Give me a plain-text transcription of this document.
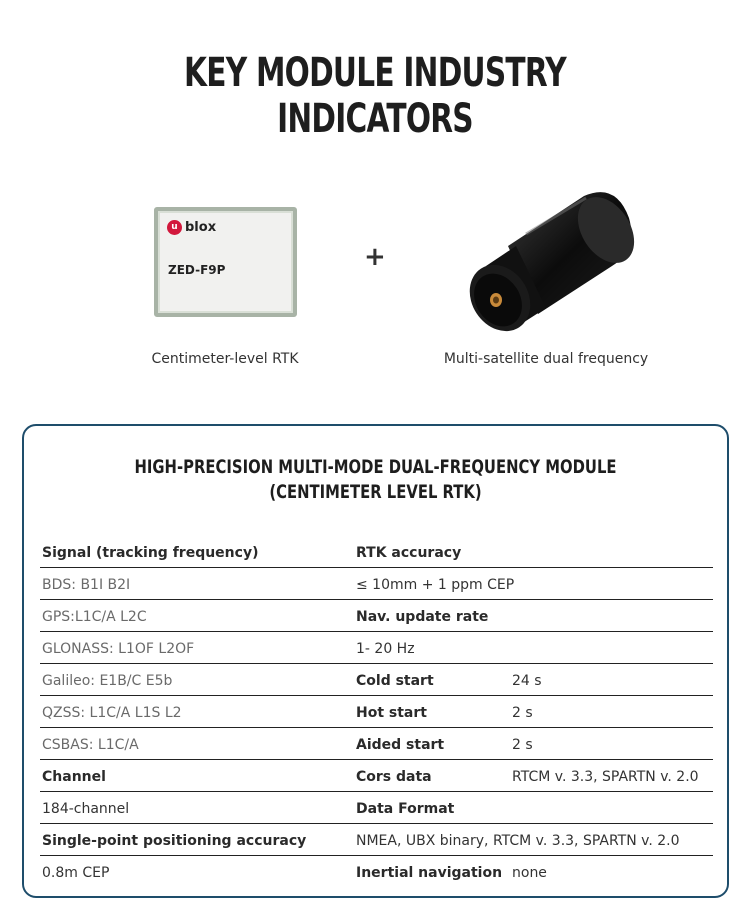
KEY MODULE INDUSTRY INDICATORS
u blox
ZED-F9P	+
Centimeter-level RTK	Multi-satellite dual frequency
HIGH-PRECISION MULTI-MODE DUAL-FREQUENCY MODULE
(CENTIMETER LEVEL RTK)
Signal (tracking frequency)	RTK accuracy
BDS: B1I B2I	≤ 10mm + 1 ppm CEP
GPS:L1C/A L2C	Nav. update rate
GLONASS: L1OF L2OF	1- 20 Hz
Galileo: E1B/C E5b	Cold start	24 s
QZSS: L1C/A L1S L2	Hot start	2 s
CSBAS: L1C/A	Aided start	2 s
Channel	Cors data	RTCM v. 3.3, SPARTN v. 2.0
184-channel	Data Format
Single-point positioning accuracy	NMEA, UBX binary, RTCM v. 3.3, SPARTN v. 2.0
0.8m CEP	Inertial navigation none
